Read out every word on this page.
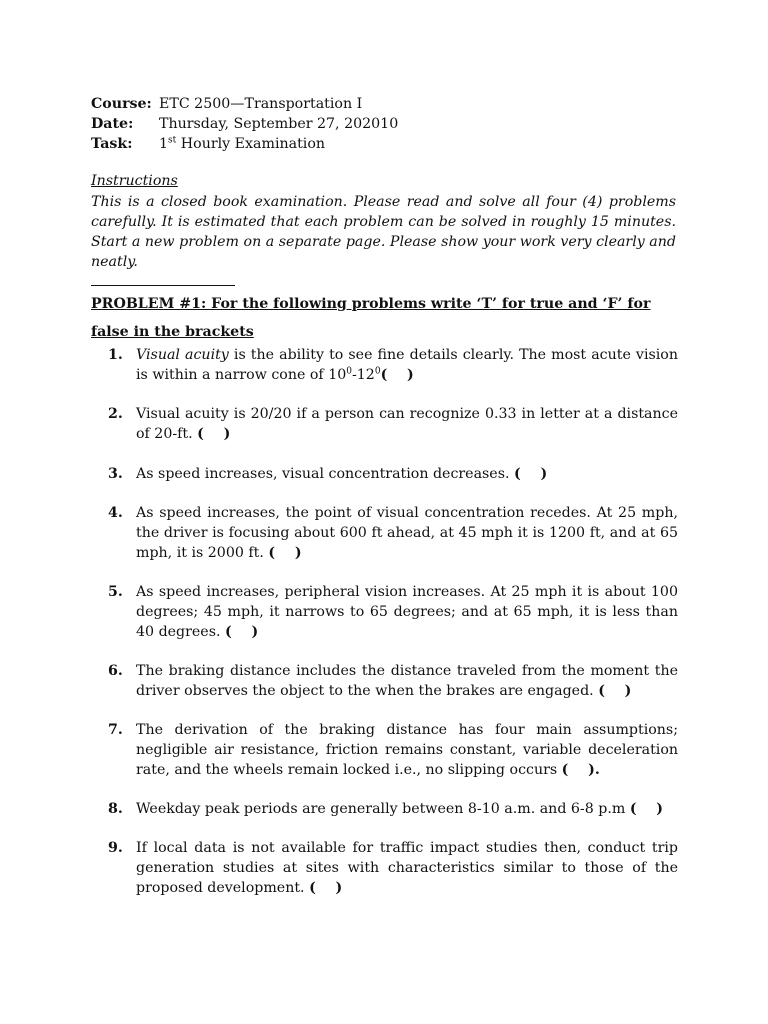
Course: ETC 2500—Transportation I
Date:	Thursday, September 27, 202010
Task:	1st Hourly Examination
Instructions
This is a closed book examination. Please read and solve all four (4) problems carefully. It is estimated that each problem can be solved in roughly 15 minutes. Start a new problem on a separate page. Please show your work very clearly and neatly.
PROBLEM #1: For the following problems write ‘T’ for true and ‘F’ for false in the brackets
1. Visual acuity is the ability to see fine details clearly. The most acute vision is within a narrow cone of $10^0-12^0$(    )
2. Visual acuity is 20/20 if a person can recognize 0.33 in letter at a distance of 20-ft. (    )
3. As speed increases, visual concentration decreases. (    )
4. As speed increases, the point of visual concentration recedes. At 25 mph, the driver is focusing about 600 ft ahead, at 45 mph it is 1200 ft, and at 65 mph, it is 2000 ft. (    )
5. As speed increases, peripheral vision increases. At 25 mph it is about 100 degrees; 45 mph, it narrows to 65 degrees; and at 65 mph, it is less than 40 degrees. (    )
6. The braking distance includes the distance traveled from the moment the driver observes the object to the when the brakes are engaged. (    )
7. The derivation of the braking distance has four main assumptions; negligible air resistance, friction remains constant, variable deceleration rate, and the wheels remain locked i.e., no slipping occurs (    ).
8. Weekday peak periods are generally between 8-10 a.m. and 6-8 p.m (    )
9. If local data is not available for traffic impact studies then, conduct trip generation studies at sites with characteristics similar to those of the proposed development. (    )
